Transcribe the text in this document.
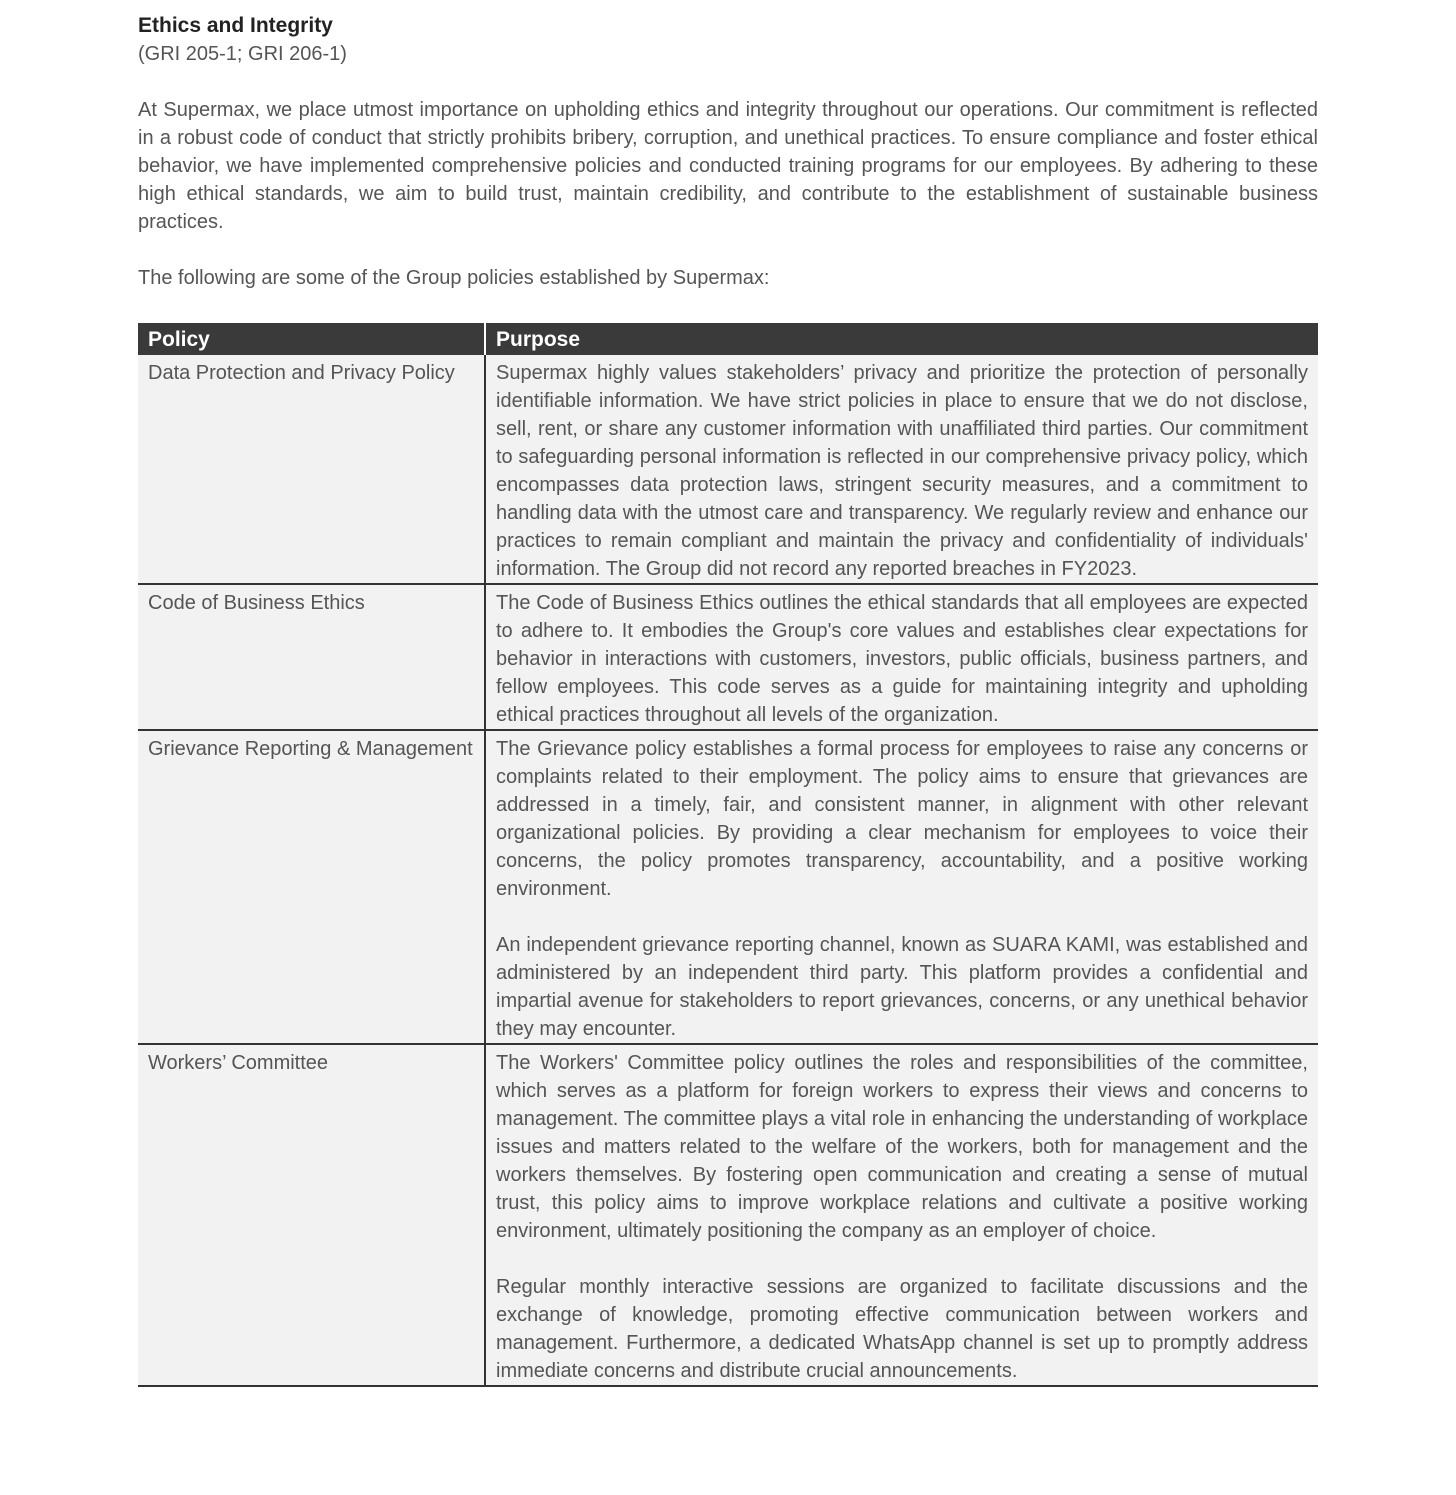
Ethics and Integrity

(GRI 205-1; GRI 206-1)

At Supermax, we place utmost importance on upholding ethics and integrity throughout our operations. Our commitment is reflected in a robust code of conduct that strictly prohibits bribery, corruption, and unethical practices. To ensure compliance and foster ethical behavior, we have implemented comprehensive policies and conducted training programs for our employees. By adhering to these high ethical standards, we aim to build trust, maintain credibility, and contribute to the establishment of sustainable business practices.

The following are some of the Group policies established by Supermax:

Policy	Purpose
Data Protection and Privacy Policy	Supermax highly values stakeholders’ privacy and prioritize the protection of personally identifiable information. We have strict policies in place to ensure that we do not disclose, sell, rent, or share any customer information with unaffiliated third parties. Our commitment to safeguarding personal information is reflected in our comprehensive privacy policy, which encompasses data protection laws, stringent security measures, and a commitment to handling data with the utmost care and transparency. We regularly review and enhance our practices to remain compliant and maintain the privacy and confidentiality of individuals' information. The Group did not record any reported breaches in FY2023.

Code of Business Ethics	The Code of Business Ethics outlines the ethical standards that all employees are expected to adhere to. It embodies the Group's core values and establishes clear expectations for behavior in interactions with customers, investors, public officials, business partners, and fellow employees. This code serves as a guide for maintaining integrity and upholding ethical practices throughout all levels of the organization.

Grievance Reporting & Management	The Grievance policy establishes a formal process for employees to raise any concerns or complaints related to their employment. The policy aims to ensure that grievances are addressed in a timely, fair, and consistent manner, in alignment with other relevant organizational policies. By providing a clear mechanism for employees to voice their concerns, the policy promotes transparency, accountability, and a positive working environment.

An independent grievance reporting channel, known as SUARA KAMI, was established and administered by an independent third party. This platform provides a confidential and impartial avenue for stakeholders to report grievances, concerns, or any unethical behavior they may encounter.

Workers’ Committee	The Workers' Committee policy outlines the roles and responsibilities of the committee, which serves as a platform for foreign workers to express their views and concerns to management. The committee plays a vital role in enhancing the understanding of workplace issues and matters related to the welfare of the workers, both for management and the workers themselves. By fostering open communication and creating a sense of mutual trust, this policy aims to improve workplace relations and cultivate a positive working environment, ultimately positioning the company as an employer of choice.

Regular monthly interactive sessions are organized to facilitate discussions and the exchange of knowledge, promoting effective communication between workers and management. Furthermore, a dedicated WhatsApp channel is set up to promptly address immediate concerns and distribute crucial announcements.
